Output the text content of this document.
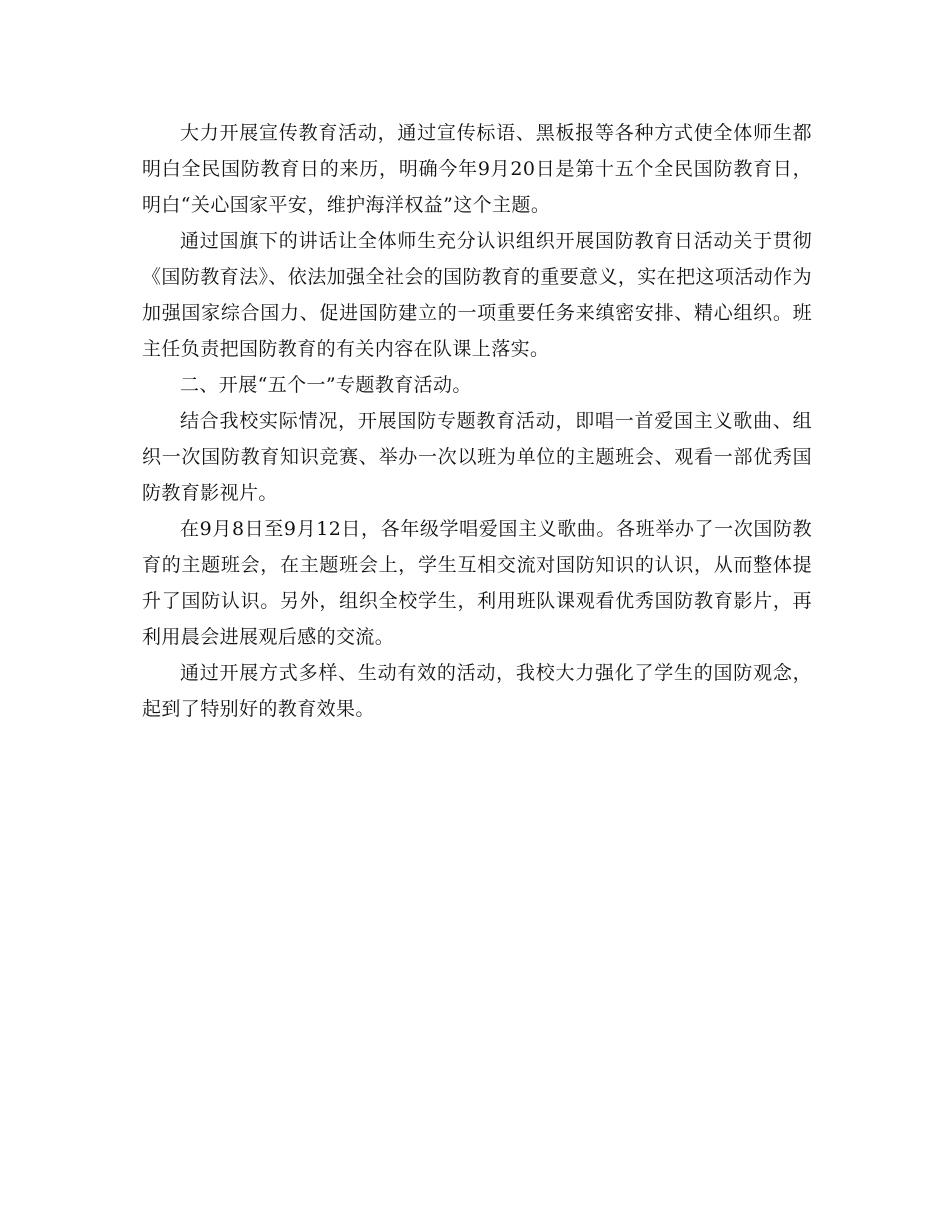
大力开展宣传教育活动，通过宣传标语、黑板报等各种方式使全体师生都明白全民国防教育日的来历，明确今年9月20日是第十五个全民国防教育日，明白“关心国家平安，维护海洋权益”这个主题。

通过国旗下的讲话让全体师生充分认识组织开展国防教育日活动关于贯彻《国防教育法》、依法加强全社会的国防教育的重要意义，实在把这项活动作为加强国家综合国力、促进国防建立的一项重要任务来缜密安排、精心组织。班主任负责把国防教育的有关内容在队课上落实。

二、开展“五个一”专题教育活动。

结合我校实际情况，开展国防专题教育活动，即唱一首爱国主义歌曲、组织一次国防教育知识竞赛、举办一次以班为单位的主题班会、观看一部优秀国防教育影视片。

在9月8日至9月12日，各年级学唱爱国主义歌曲。各班举办了一次国防教育的主题班会，在主题班会上，学生互相交流对国防知识的认识，从而整体提升了国防认识。另外，组织全校学生，利用班队课观看优秀国防教育影片，再利用晨会进展观后感的交流。

通过开展方式多样、生动有效的活动，我校大力强化了学生的国防观念，起到了特别好的教育效果。
